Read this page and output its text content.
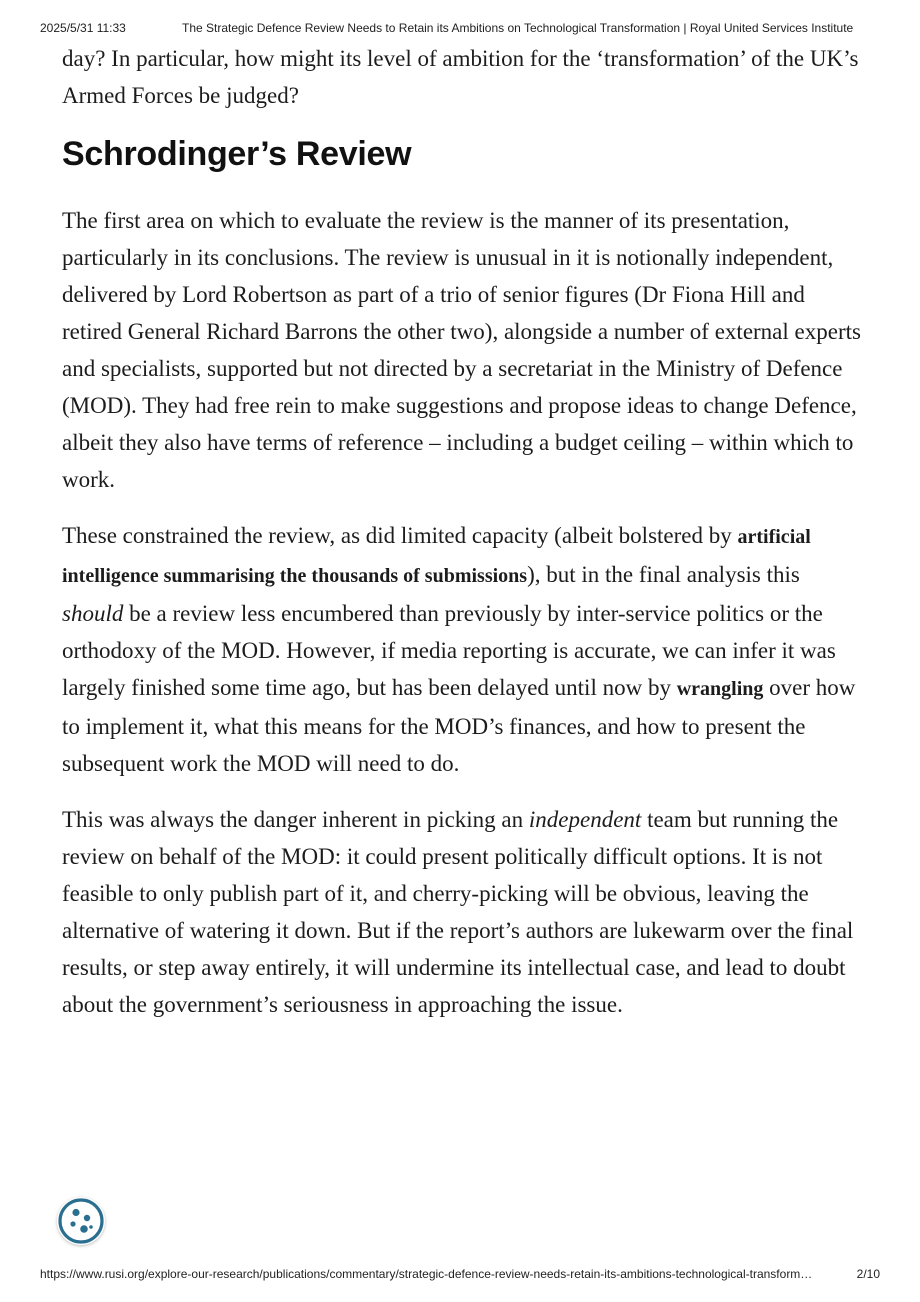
2025/5/31 11:33	The Strategic Defence Review Needs to Retain its Ambitions on Technological Transformation | Royal United Services Institute

day? In particular, how might its level of ambition for the ‘transformation’ of the UK’s Armed Forces be judged?

Schrodinger’s Review

The first area on which to evaluate the review is the manner of its presentation, particularly in its conclusions. The review is unusual in it is notionally independent, delivered by Lord Robertson as part of a trio of senior figures (Dr Fiona Hill and retired General Richard Barrons the other two), alongside a number of external experts and specialists, supported but not directed by a secretariat in the Ministry of Defence (MOD). They had free rein to make suggestions and propose ideas to change Defence, albeit they also have terms of reference – including a budget ceiling – within which to work.

These constrained the review, as did limited capacity (albeit bolstered by artificial intelligence summarising the thousands of submissions), but in the final analysis this should be a review less encumbered than previously by inter-service politics or the orthodoxy of the MOD. However, if media reporting is accurate, we can infer it was largely finished some time ago, but has been delayed until now by wrangling over how to implement it, what this means for the MOD’s finances, and how to present the subsequent work the MOD will need to do.

This was always the danger inherent in picking an independent team but running the review on behalf of the MOD: it could present politically difficult options. It is not feasible to only publish part of it, and cherry-picking will be obvious, leaving the alternative of watering it down. But if the report’s authors are lukewarm over the final results, or step away entirely, it will undermine its intellectual case, and lead to doubt about the government’s seriousness in approaching the issue.

https://www.rusi.org/explore-our-research/publications/commentary/strategic-defence-review-needs-retain-its-ambitions-technological-transform…	2/10
